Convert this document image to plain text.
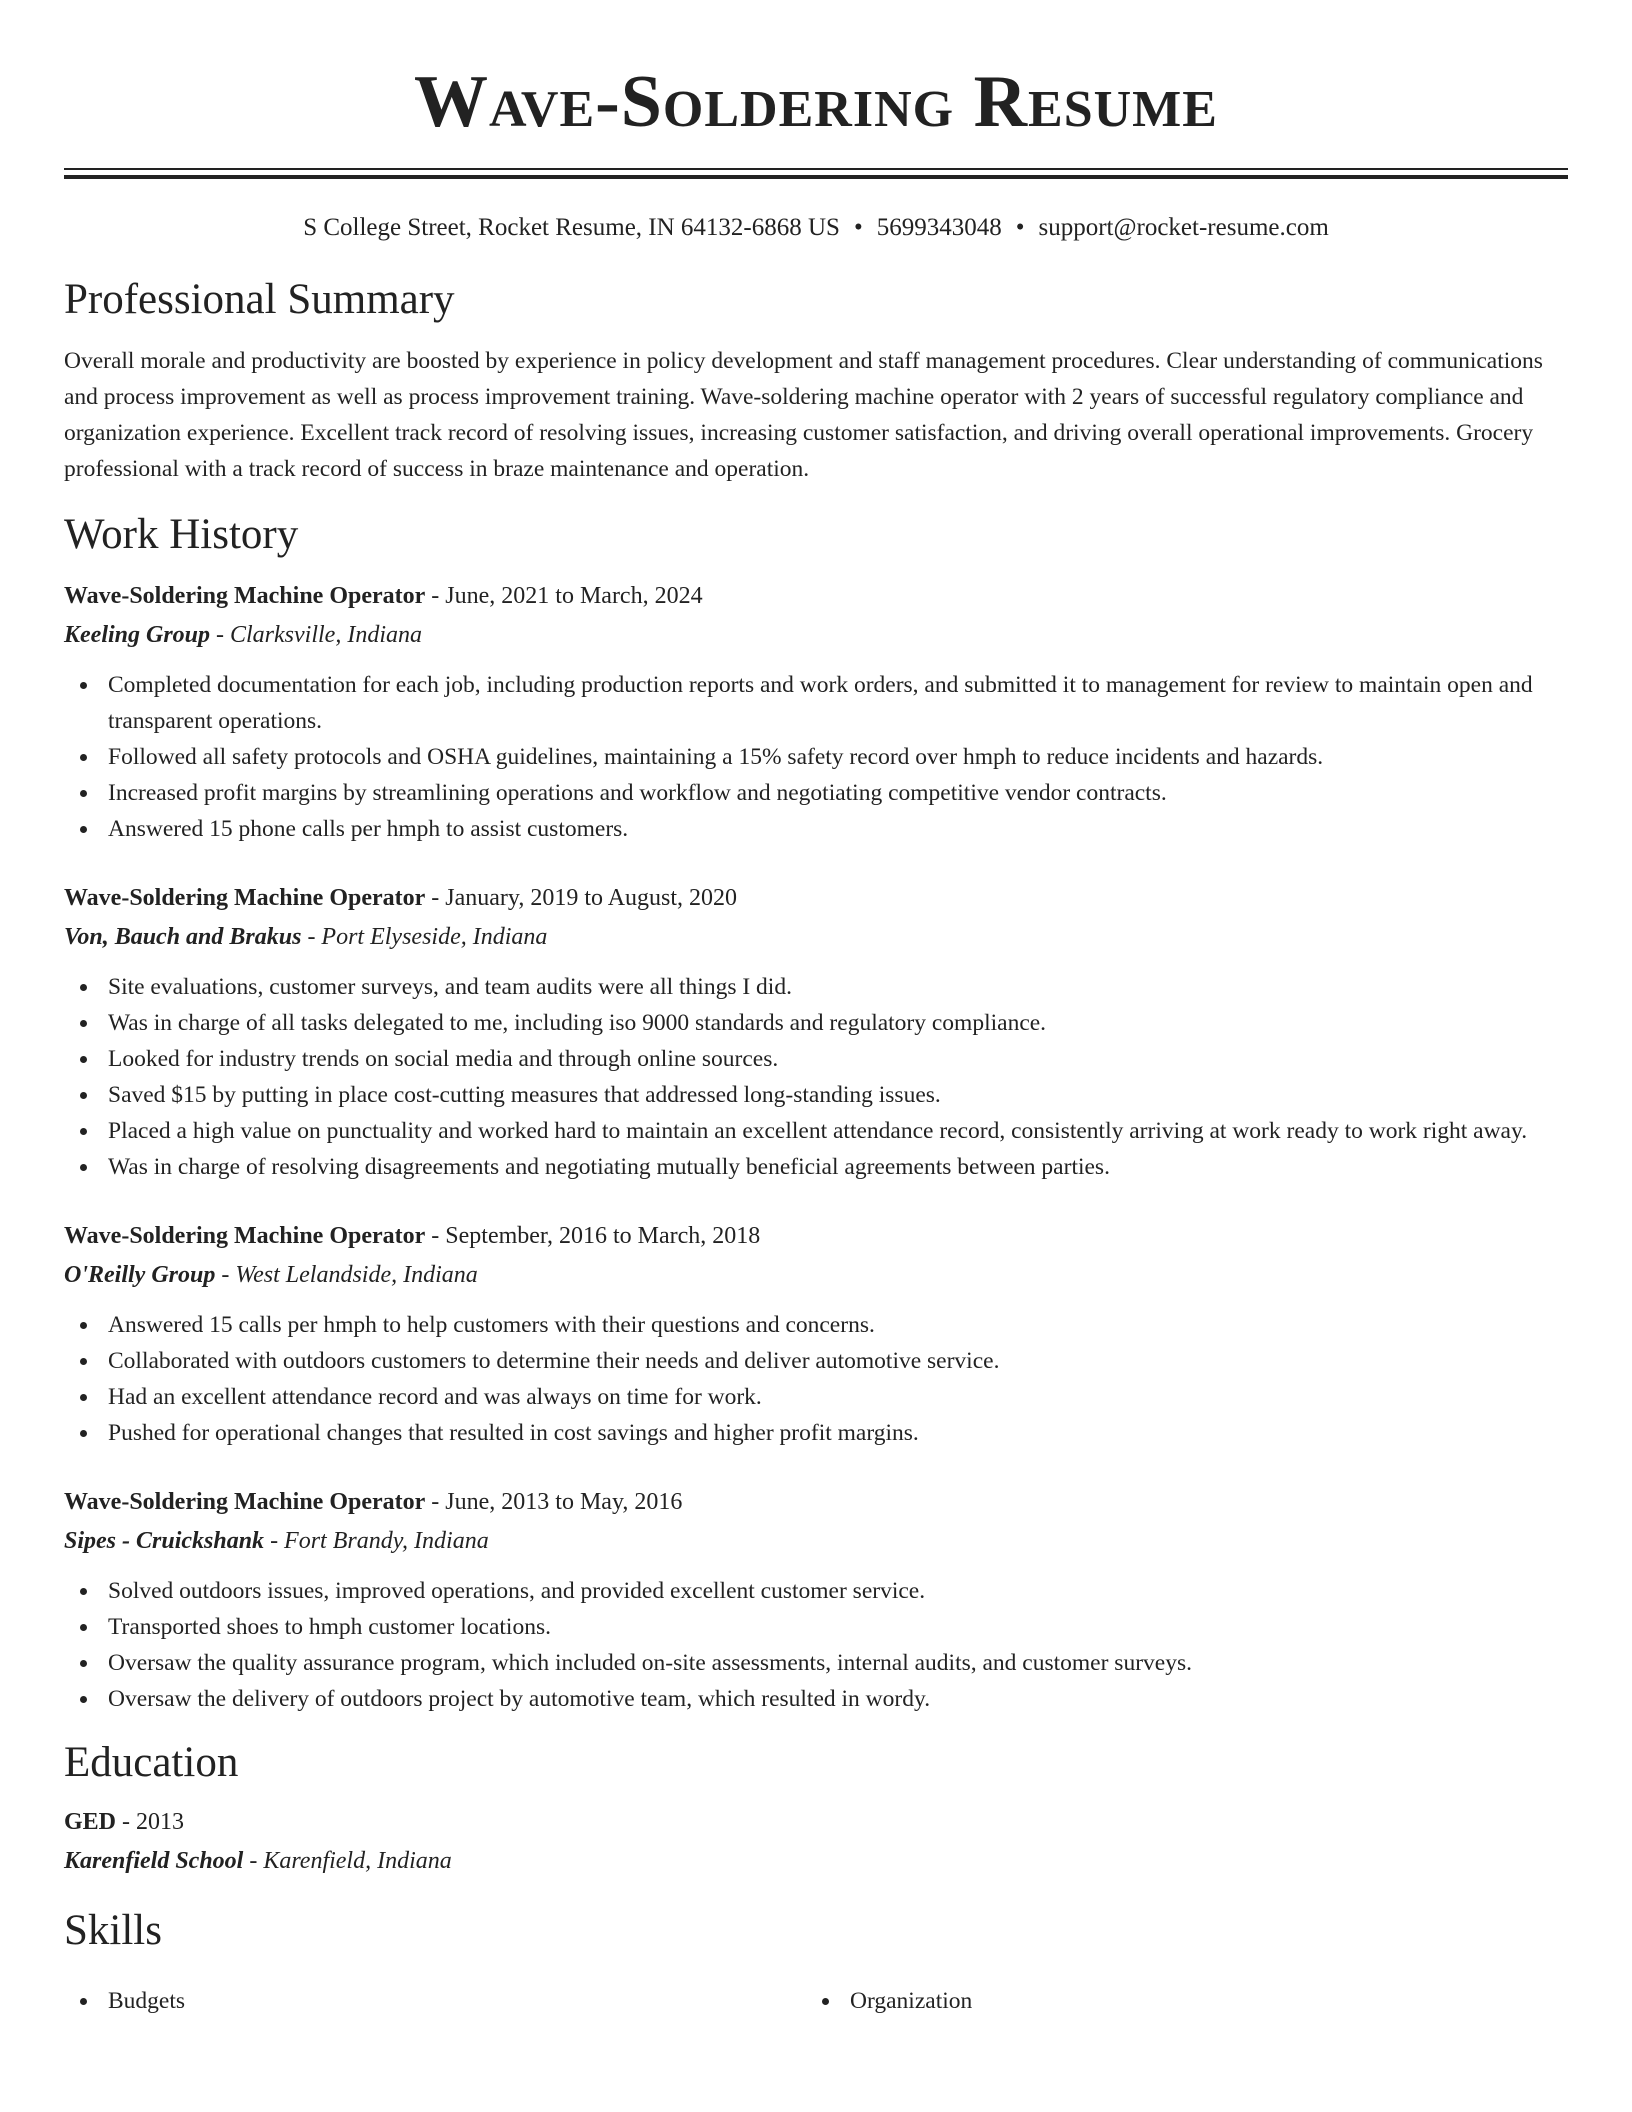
Wave-Soldering Resume
S College Street, Rocket Resume, IN 64132-6868 US • 5699343048 • support@rocket-resume.com
Professional Summary

Overall morale and productivity are boosted by experience in policy development and staff management procedures. Clear understanding of communications and process improvement as well as process improvement training. Wave-soldering machine operator with 2 years of successful regulatory compliance and organization experience. Excellent track record of resolving issues, increasing customer satisfaction, and driving overall operational improvements. Grocery professional with a track record of success in braze maintenance and operation.

Work History
Wave-Soldering Machine Operator - June, 2021 to March, 2024
Keeling Group - Clarksville, Indiana
Completed documentation for each job, including production reports and work orders, and submitted it to management for review to maintain open and transparent operations.
Followed all safety protocols and OSHA guidelines, maintaining a 15% safety record over hmph to reduce incidents and hazards.
Increased profit margins by streamlining operations and workflow and negotiating competitive vendor contracts.
Answered 15 phone calls per hmph to assist customers.
Wave-Soldering Machine Operator - January, 2019 to August, 2020
Von, Bauch and Brakus - Port Elyseside, Indiana
Site evaluations, customer surveys, and team audits were all things I did.
Was in charge of all tasks delegated to me, including iso 9000 standards and regulatory compliance.
Looked for industry trends on social media and through online sources.
Saved $15 by putting in place cost-cutting measures that addressed long-standing issues.
Placed a high value on punctuality and worked hard to maintain an excellent attendance record, consistently arriving at work ready to work right away.
Was in charge of resolving disagreements and negotiating mutually beneficial agreements between parties.
Wave-Soldering Machine Operator - September, 2016 to March, 2018
O'Reilly Group - West Lelandside, Indiana
Answered 15 calls per hmph to help customers with their questions and concerns.
Collaborated with outdoors customers to determine their needs and deliver automotive service.
Had an excellent attendance record and was always on time for work.
Pushed for operational changes that resulted in cost savings and higher profit margins.
Wave-Soldering Machine Operator - June, 2013 to May, 2016
Sipes - Cruickshank - Fort Brandy, Indiana
Solved outdoors issues, improved operations, and provided excellent customer service.
Transported shoes to hmph customer locations.
Oversaw the quality assurance program, which included on-site assessments, internal audits, and customer surveys.
Oversaw the delivery of outdoors project by automotive team, which resulted in wordy.
Education
GED - 2013
Karenfield School - Karenfield, Indiana
Skills
Budgets	Organization
